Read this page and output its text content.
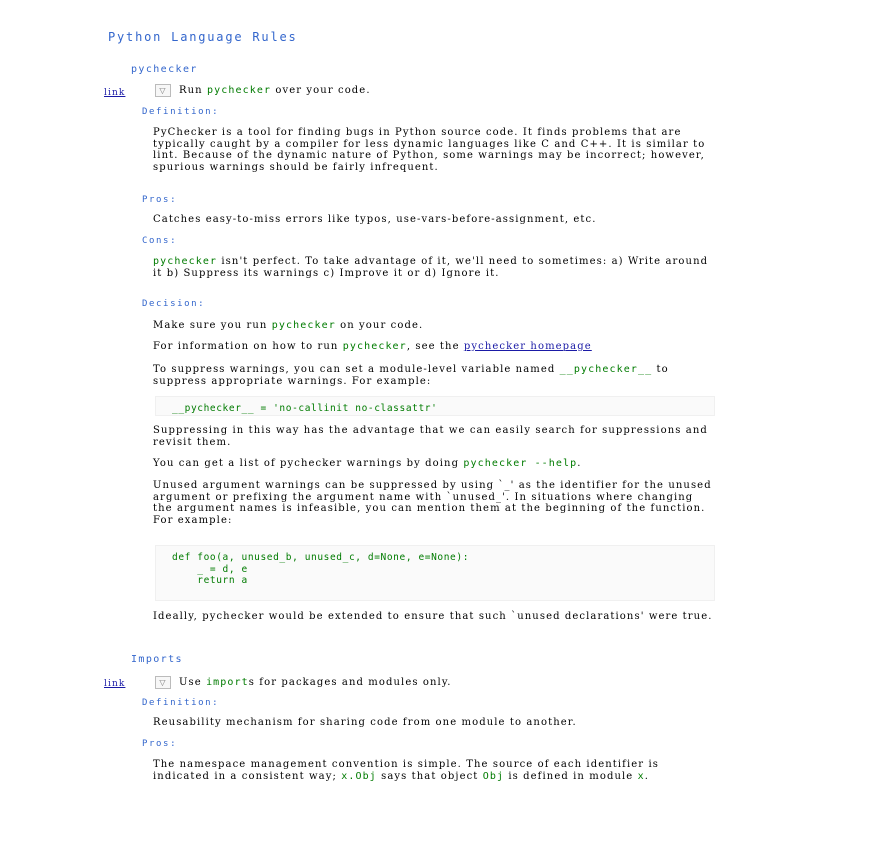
Python Language Rules
pychecker
link	▽ Run pychecker over your code.
Definition:
PyChecker is a tool for finding bugs in Python source code. It finds problems that are typically caught by a compiler for less dynamic languages like C and C++. It is similar to lint. Because of the dynamic nature of Python, some warnings may be incorrect; however, spurious warnings should be fairly infrequent.
Pros:
Catches easy-to-miss errors like typos, use-vars-before-assignment, etc.
Cons:
pychecker isn't perfect. To take advantage of it, we'll need to sometimes: a) Write around it b) Suppress its warnings c) Improve it or d) Ignore it.
Decision:
Make sure you run pychecker on your code.
For information on how to run pychecker, see the pychecker homepage
To suppress warnings, you can set a module-level variable named __pychecker__ to suppress appropriate warnings. For example:
__pychecker__ = 'no-callinit no-classattr'
Suppressing in this way has the advantage that we can easily search for suppressions and revisit them.
You can get a list of pychecker warnings by doing pychecker --help.
Unused argument warnings can be suppressed by using `_' as the identifier for the unused argument or prefixing the argument name with `unused_'. In situations where changing the argument names is infeasible, you can mention them at the beginning of the function. For example:
def foo(a, unused_b, unused_c, d=None, e=None):
_ = d, e
return a
Ideally, pychecker would be extended to ensure that such `unused declarations' were true.
Imports
link	▽ Use imports for packages and modules only.
Definition:
Reusability mechanism for sharing code from one module to another.
Pros:
The namespace management convention is simple. The source of each identifier is indicated in a consistent way; x.Obj says that object Obj is defined in module x.
